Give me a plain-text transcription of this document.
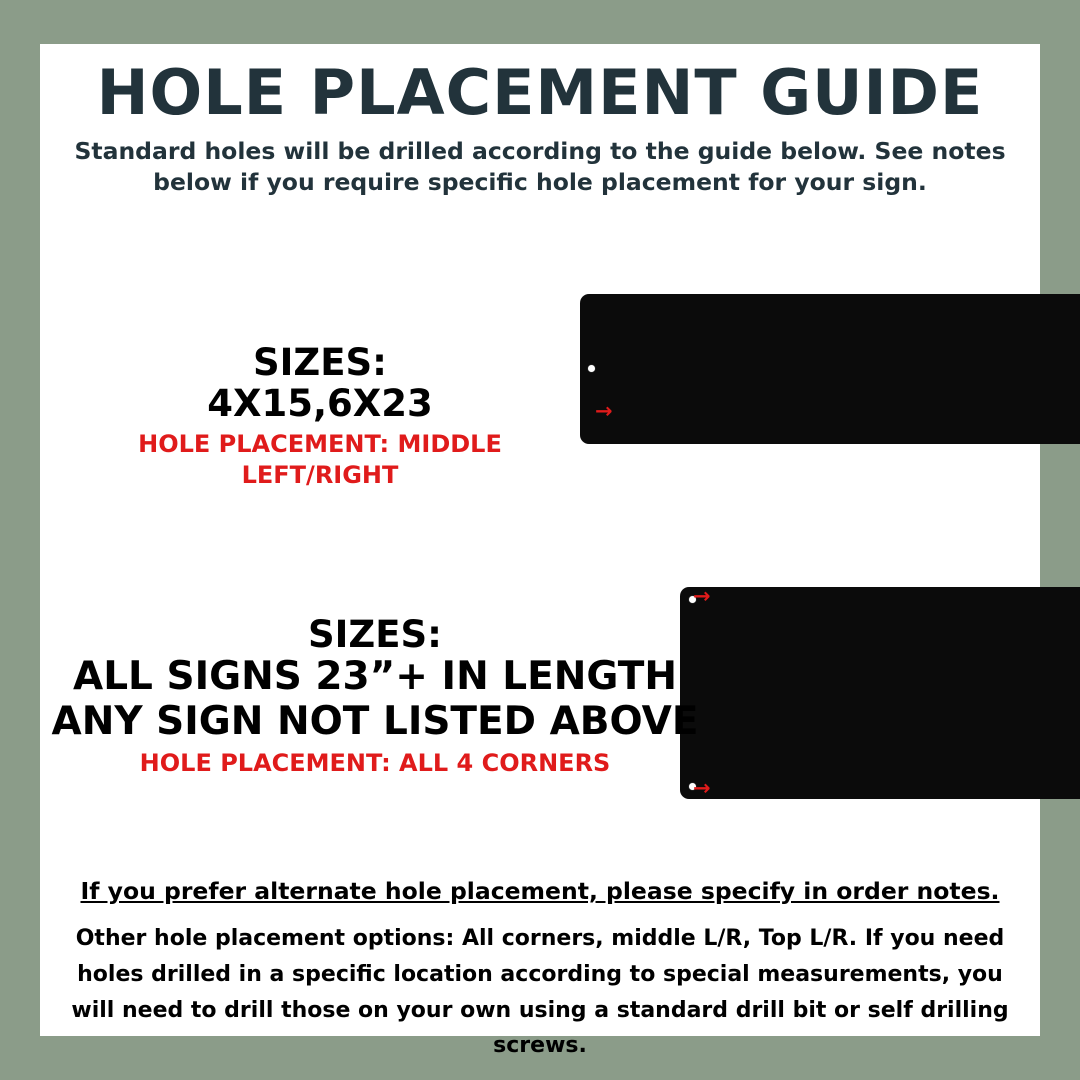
HOLE PLACEMENT GUIDE
Standard holes will be drilled according to the guide below. See notes below if you require specific hole placement for your sign.
→
SIZES:
4X15,6X23
HOLE PLACEMENT: MIDDLE LEFT/RIGHT
→
→
SIZES:
ALL SIGNS 23”+ IN LENGTH
ANY SIGN NOT LISTED ABOVE
HOLE PLACEMENT: ALL 4 CORNERS
If you prefer alternate hole placement, please specify in order notes.
Other hole placement options: All corners, middle L/R, Top L/R. If you need holes drilled in a specific location according to special measurements, you will need to drill those on your own using a standard drill bit or self drilling screws.
